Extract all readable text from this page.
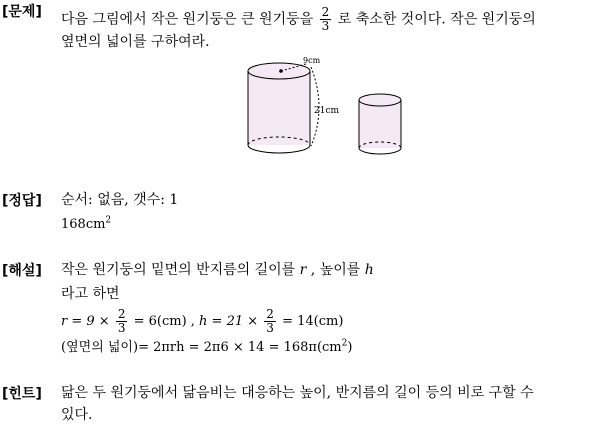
[문제] 다음 그림에서 작은 원기둥은 큰 원기둥을 $\frac{2}{3}$ 로 축소한 것이다. 작은 원기둥의
옆면의 넓이를 구하여라.
9cm
21cm
[정답] 순서: 없음, 갯수: 1
$168cm^2$
[해설] 작은 원기둥의 밑면의 반지름의 길이를 r , 높이를 h
라고 하면
$r = 9 \times \frac{2}{3} = 6(cm)$ , $h = 21 \times \frac{2}{3} = 14(cm)$
(옆면의 넓이)= $2\pi rh = 2\pi 6 \times 14 = 168\pi(cm^2)$
[힌트] 닮은 두 원기둥에서 닮음비는 대응하는 높이, 반지름의 길이 등의 비로 구할 수
있다.
